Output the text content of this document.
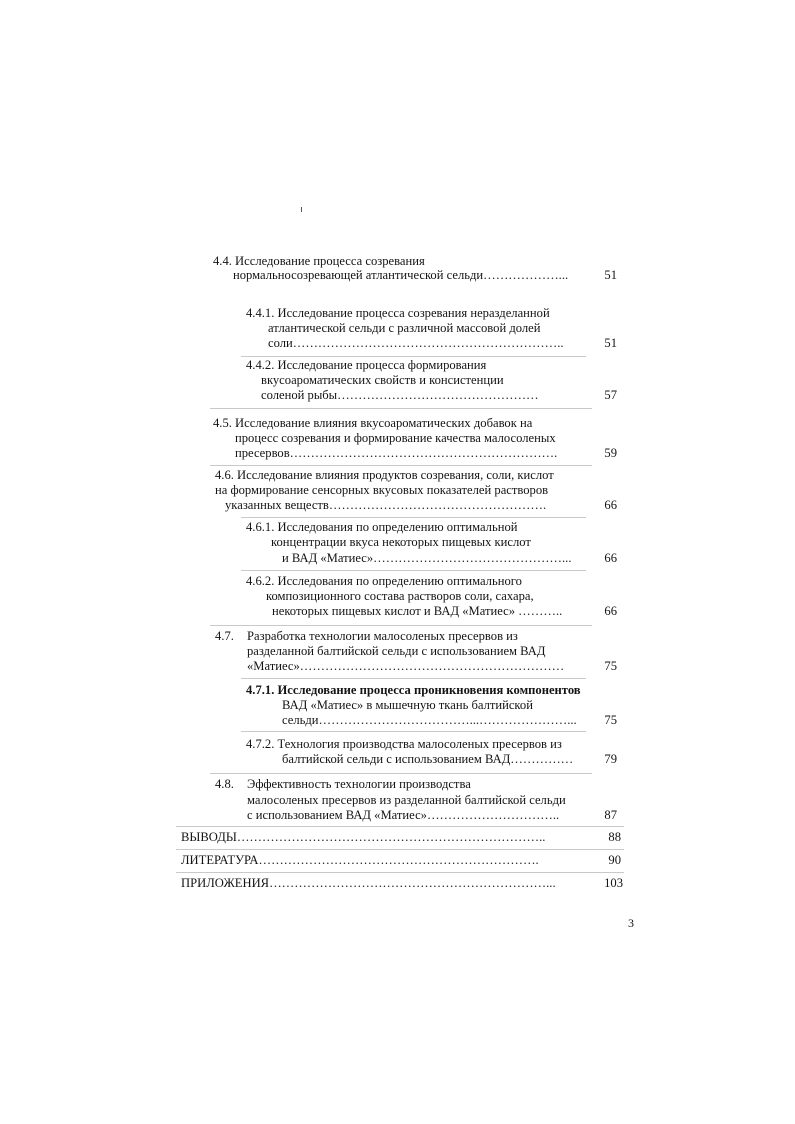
4.4. Исследование процесса созревания
нормальносозревающей атлантической сельди………………...	51
4.4.1. Исследование процесса созревания неразделанной
атлантической сельди с различной массовой долей
соли………………………………………………………..	51
4.4.2. Исследование процесса формирования
вкусоароматических свойств и консистенции
соленой рыбы…………………………………………	57
4.5. Исследование влияния вкусоароматических добавок на
процесс созревания и формирование качества малосоленых
пресервов……………………………………………………….	59
4.6. Исследование влияния продуктов созревания, соли, кислот
на формирование сенсорных вкусовых показателей растворов
указанных веществ…………………………………………….	66
4.6.1. Исследования по определению оптимальной
концентрации вкуса некоторых пищевых кислот
и ВАД «Матиес»………………………………………...	66
4.6.2. Исследования по определению оптимального
композиционного состава растворов соли, сахара,
некоторых пищевых кислот и ВАД «Матиес» ………..	66
4.7. Разработка технологии малосоленых пресервов из
разделанной балтийской сельди с использованием ВАД
«Матиес»………………………………………………………	75
4.7.1. Исследование процесса проникновения компонентов
ВАД «Матиес» в мышечную ткань балтийской
сельди………………………………...…………………...	75
4.7.2. Технология производства малосоленых пресервов из
балтийской сельди с использованием ВАД……………	79
4.8. Эффективность технологии производства
малосоленых пресервов из разделанной балтийской сельди
с использованием ВАД «Матиес»…………………………..	87
ВЫВОДЫ………………………………………………………………..	88
ЛИТЕРАТУРА………………………………………………………….	90
ПРИЛОЖЕНИЯ…………………………………………………………...	103
3
